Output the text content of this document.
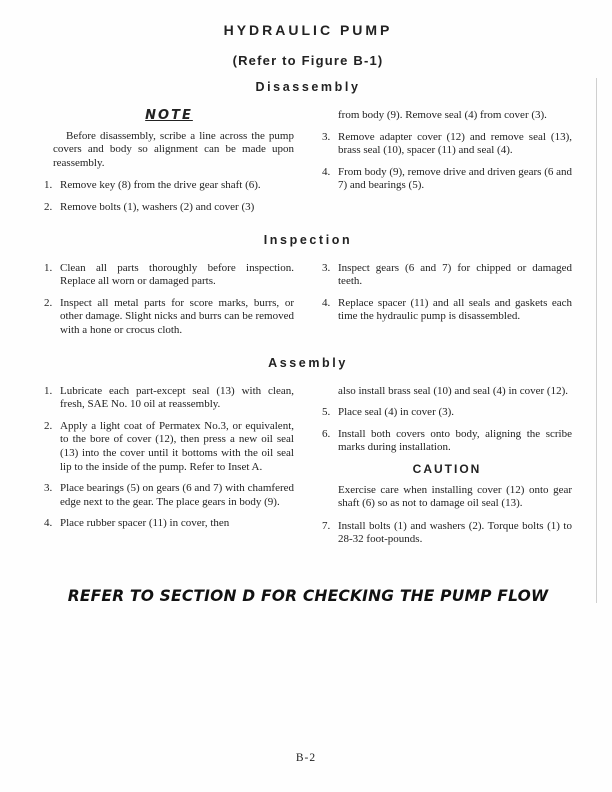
HYDRAULIC PUMP
(Refer to Figure B-1)
Disassembly
NOTE

Before disassembly, scribe a line across the pump covers and body so alignment can be made upon reassembly.

1. Remove key (8) from the drive gear shaft (6).
2. Remove bolts (1), washers (2) and cover (3)

from body (9). Remove seal (4) from cover (3).

3. Remove adapter cover (12) and remove seal (13), brass seal (10), spacer (11) and seal (4).
4. From body (9), remove drive and driven gears (6 and 7) and bearings (5).
Inspection
1. Clean all parts thoroughly before inspection. Replace all worn or damaged parts.
2. Inspect all metal parts for score marks, burrs, or other damage. Slight nicks and burrs can be removed with a hone or crocus cloth.
3. Inspect gears (6 and 7) for chipped or damaged teeth.
4. Replace spacer (11) and all seals and gaskets each time the hydraulic pump is disassembled.
Assembly
1. Lubricate each part-except seal (13) with clean, fresh, SAE No. 10 oil at reassembly.
2. Apply a light coat of Permatex No.3, or equivalent, to the bore of cover (12), then press a new oil seal (13) into the cover until it bottoms with the oil seal lip to the inside of the pump. Refer to Inset A.
3. Place bearings (5) on gears (6 and 7) with chamfered edge next to the gear. The place gears in body (9).
4. Place rubber spacer (11) in cover, then

also install brass seal (10) and seal (4) in cover (12).

5. Place seal (4) in cover (3).
6. Install both covers onto body, aligning the scribe marks during installation.
CAUTION

Exercise care when installing cover (12) onto gear shaft (6) so as not to damage oil seal (13).

7. Install bolts (1) and washers (2). Torque bolts (1) to 28-32 foot-pounds.
REFER TO SECTION D FOR CHECKING THE PUMP FLOW
B-2
